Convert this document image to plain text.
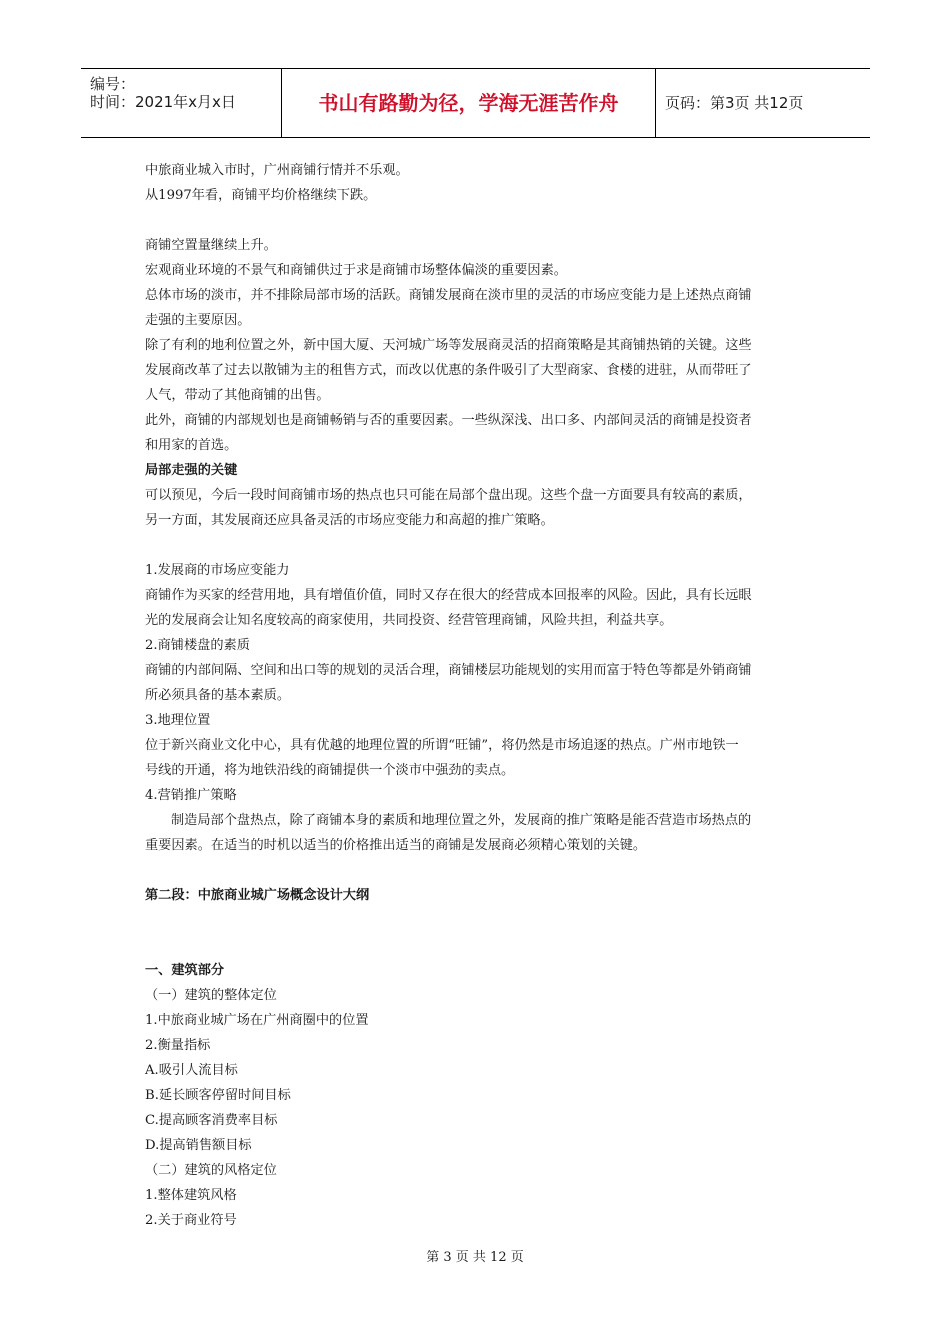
编号：
时间：2021年x月x日	书山有路勤为径，学海无涯苦作舟	页码：第3页 共12页

中旅商业城入市时，广州商铺行情并不乐观。

从1997年看，商铺平均价格继续下跌。

商铺空置量继续上升。

宏观商业环境的不景气和商铺供过于求是商铺市场整体偏淡的重要因素。

总体市场的淡市，并不排除局部市场的活跃。商铺发展商在淡市里的灵活的市场应变能力是上述热点商铺

走强的主要原因。

除了有利的地利位置之外，新中国大厦、天河城广场等发展商灵活的招商策略是其商铺热销的关键。这些

发展商改革了过去以散铺为主的租售方式，而改以优惠的条件吸引了大型商家、食楼的进驻，从而带旺了

人气，带动了其他商铺的出售。

此外，商铺的内部规划也是商铺畅销与否的重要因素。一些纵深浅、出口多、内部间灵活的商铺是投资者

和用家的首选。

局部走强的关键

可以预见，今后一段时间商铺市场的热点也只可能在局部个盘出现。这些个盘一方面要具有较高的素质，

另一方面，其发展商还应具备灵活的市场应变能力和高超的推广策略。

1.发展商的市场应变能力

商铺作为买家的经营用地，具有增值价值，同时又存在很大的经营成本回报率的风险。因此，具有长远眼

光的发展商会让知名度较高的商家使用，共同投资、经营管理商铺，风险共担，利益共享。

2.商铺楼盘的素质

商铺的内部间隔、空间和出口等的规划的灵活合理，商铺楼层功能规划的实用而富于特色等都是外销商铺

所必须具备的基本素质。

3.地理位置

位于新兴商业文化中心，具有优越的地理位置的所谓“旺铺”，将仍然是市场追逐的热点。广州市地铁一

号线的开通，将为地铁沿线的商铺提供一个淡市中强劲的卖点。

4.营销推广策略

制造局部个盘热点，除了商铺本身的素质和地理位置之外，发展商的推广策略是能否营造市场热点的

重要因素。在适当的时机以适当的价格推出适当的商铺是发展商必须精心策划的关键。

第二段：中旅商业城广场概念设计大纲

一、建筑部分

（一）建筑的整体定位

1.中旅商业城广场在广州商圈中的位置

2.衡量指标

A.吸引人流目标

B.延长顾客停留时间目标

C.提高顾客消费率目标

D.提高销售额目标

（二）建筑的风格定位

1.整体建筑风格

2.关于商业符号

第 3 页 共 12 页
